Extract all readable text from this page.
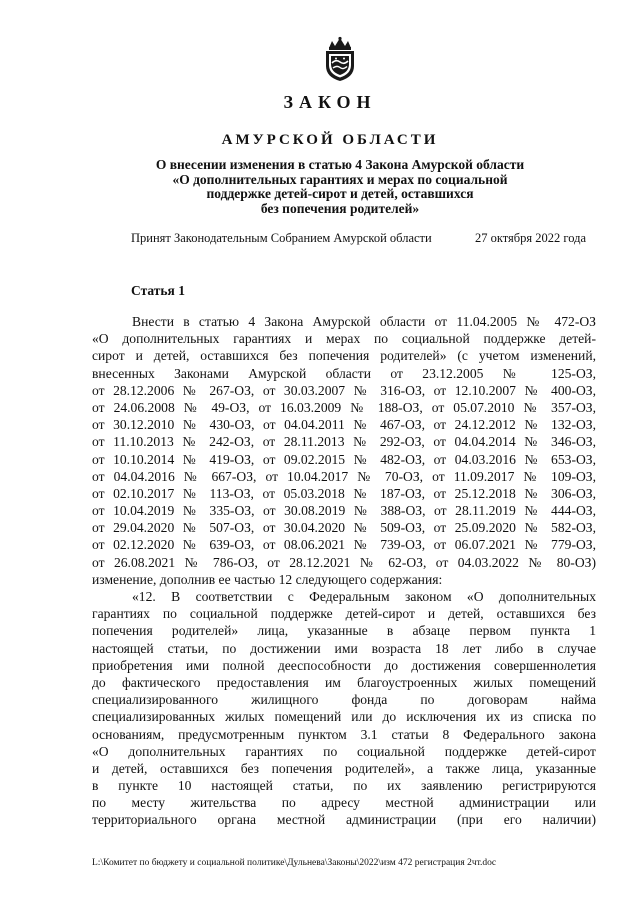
ЗАКОН
АМУРСКОЙ ОБЛАСТИ
О внесении изменения в статью 4 Закона Амурской области
«О дополнительных гарантиях и мерах по социальной
поддержке детей-сирот и детей, оставшихся
без попечения родителей»
Принят Законодательным Собранием Амурской области	27 октября 2022 года
Статья 1
Внести в статью 4 Закона Амурской области от 11.04.2005 № 472-ОЗ
«О дополнительных гарантиях и мерах по социальной поддержке детей-
сирот и детей, оставшихся без попечения родителей» (с учетом изменений,
внесенных Законами Амурской области от 23.12.2005 № 125-ОЗ,
от 28.12.2006 № 267-ОЗ, от 30.03.2007 № 316-ОЗ, от 12.10.2007 № 400-ОЗ,
от 24.06.2008 № 49-ОЗ, от 16.03.2009 № 188-ОЗ, от 05.07.2010 № 357-ОЗ,
от 30.12.2010 № 430-ОЗ, от 04.04.2011 № 467-ОЗ, от 24.12.2012 № 132-ОЗ,
от 11.10.2013 № 242-ОЗ, от 28.11.2013 № 292-ОЗ, от 04.04.2014 № 346-ОЗ,
от 10.10.2014 № 419-ОЗ, от 09.02.2015 № 482-ОЗ, от 04.03.2016 № 653-ОЗ,
от 04.04.2016 № 667-ОЗ, от 10.04.2017 № 70-ОЗ, от 11.09.2017 № 109-ОЗ,
от 02.10.2017 № 113-ОЗ, от 05.03.2018 № 187-ОЗ, от 25.12.2018 № 306-ОЗ,
от 10.04.2019 № 335-ОЗ, от 30.08.2019 № 388-ОЗ, от 28.11.2019 № 444-ОЗ,
от 29.04.2020 № 507-ОЗ, от 30.04.2020 № 509-ОЗ, от 25.09.2020 № 582-ОЗ,
от 02.12.2020 № 639-ОЗ, от 08.06.2021 № 739-ОЗ, от 06.07.2021 № 779-ОЗ,
от 26.08.2021 № 786-ОЗ, от 28.12.2021 № 62-ОЗ, от 04.03.2022 № 80-ОЗ)
изменение, дополнив ее частью 12 следующего содержания:
«12. В соответствии с Федеральным законом «О дополнительных
гарантиях по социальной поддержке детей-сирот и детей, оставшихся без
попечения родителей» лица, указанные в абзаце первом пункта 1
настоящей статьи, по достижении ими возраста 18 лет либо в случае
приобретения ими полной дееспособности до достижения совершеннолетия
до фактического предоставления им благоустроенных жилых помещений
специализированного жилищного фонда по договорам найма
специализированных жилых помещений или до исключения их из списка по
основаниям, предусмотренным пунктом 3.1 статьи 8 Федерального закона
«О дополнительных гарантиях по социальной поддержке детей-сирот
и детей, оставшихся без попечения родителей», а также лица, указанные
в пункте 10 настоящей статьи, по их заявлению регистрируются
по месту жительства по адресу местной администрации или
территориального органа местной администрации (при его наличии)
L:\Комитет по бюджету и социальной политике\Дульнева\Законы\2022\изм 472 регистрация 2чт.doc
